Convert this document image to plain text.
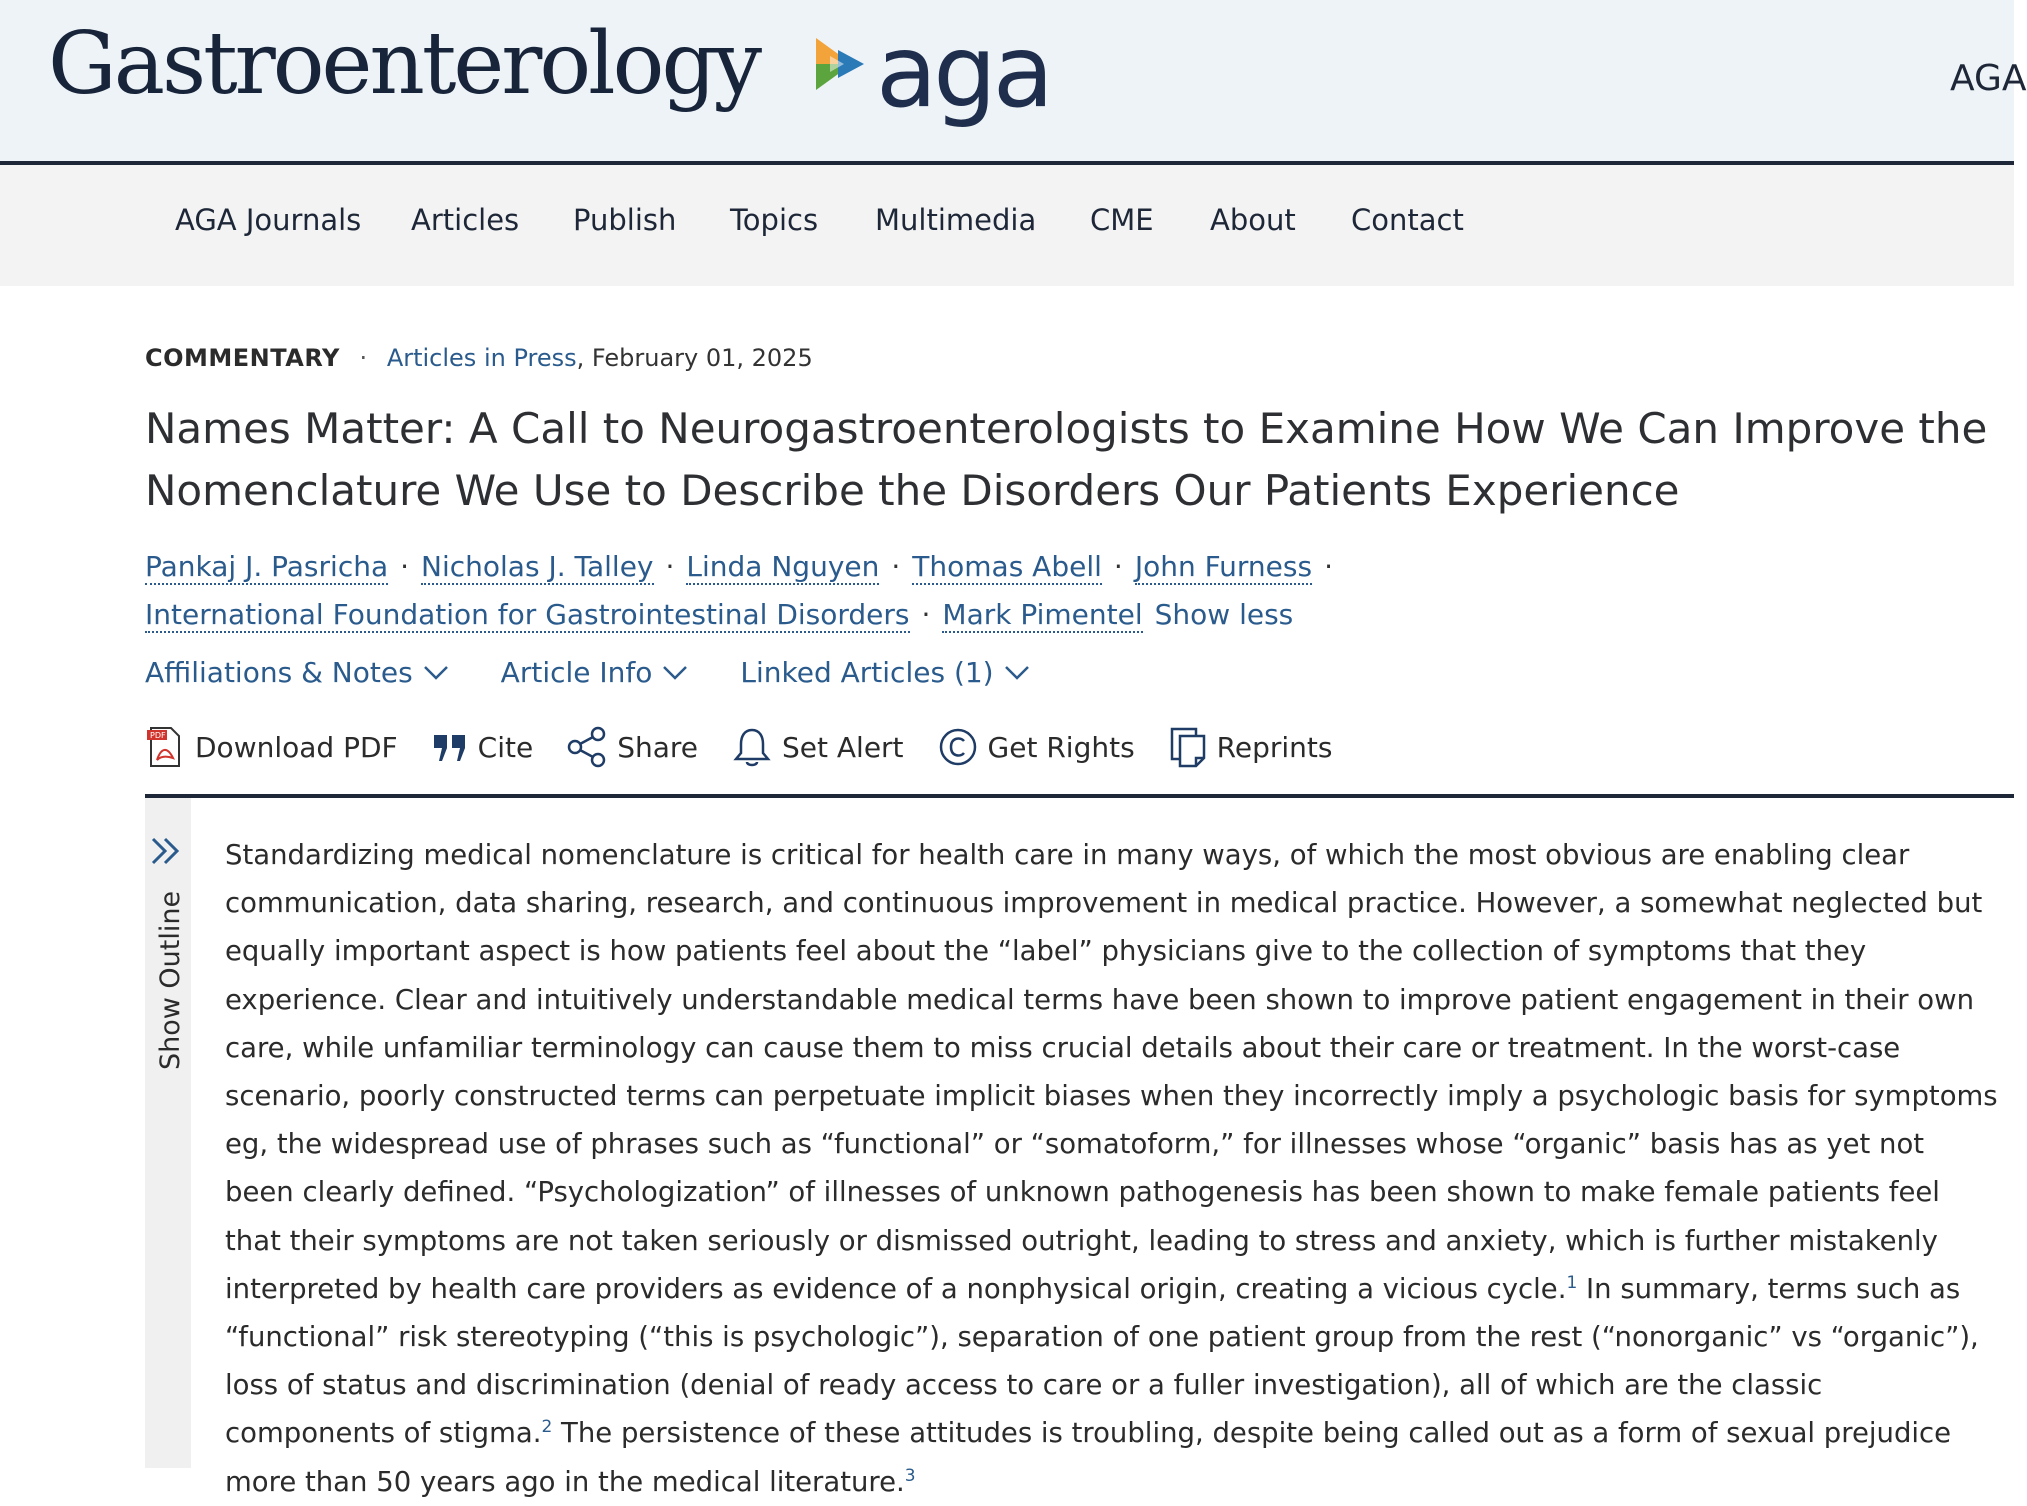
Gastroenterology aga	AGA
AGA Journals Articles Publish Topics Multimedia CME About Contact
COMMENTARY · Articles in Press, February 01, 2025
Names Matter: A Call to Neurogastroenterologists to Examine How We Can Improve the Nomenclature We Use to Describe the Disorders Our Patients Experience
Pankaj J. Pasricha · Nicholas J. Talley · Linda Nguyen · Thomas Abell · John Furness ·
International Foundation for Gastrointestinal Disorders · Mark Pimentel Show less
Affiliations & Notes	Article Info	Linked Articles (1)
PDF Download PDF	Cite	Share	Set Alert	Get Rights	Reprints
Show Outline
Standardizing medical nomenclature is critical for health care in many ways, of which the most obvious are enabling clear communication, data sharing, research, and continuous improvement in medical practice. However, a somewhat neglected but equally important aspect is how patients feel about the “label” physicians give to the collection of symptoms that they experience. Clear and intuitively understandable medical terms have been shown to improve patient engagement in their own care, while unfamiliar terminology can cause them to miss crucial details about their care or treatment. In the worst-case scenario, poorly constructed terms can perpetuate implicit biases when they incorrectly imply a psychologic basis for symptoms eg, the widespread use of phrases such as “functional” or “somatoform,” for illnesses whose “organic” basis has as yet not been clearly defined. “Psychologization” of illnesses of unknown pathogenesis has been shown to make female patients feel that their symptoms are not taken seriously or dismissed outright, leading to stress and anxiety, which is further mistakenly interpreted by health care providers as evidence of a nonphysical origin, creating a vicious cycle.$^1$ In summary, terms such as “functional” risk stereotyping (“this is psychologic”), separation of one patient group from the rest (“nonorganic” vs “organic”), loss of status and discrimination (denial of ready access to care or a fuller investigation), all of which are the classic components of stigma.$^2$ The persistence of these attitudes is troubling, despite being called out as a form of sexual prejudice more than 50 years ago in the medical literature.$^3$
